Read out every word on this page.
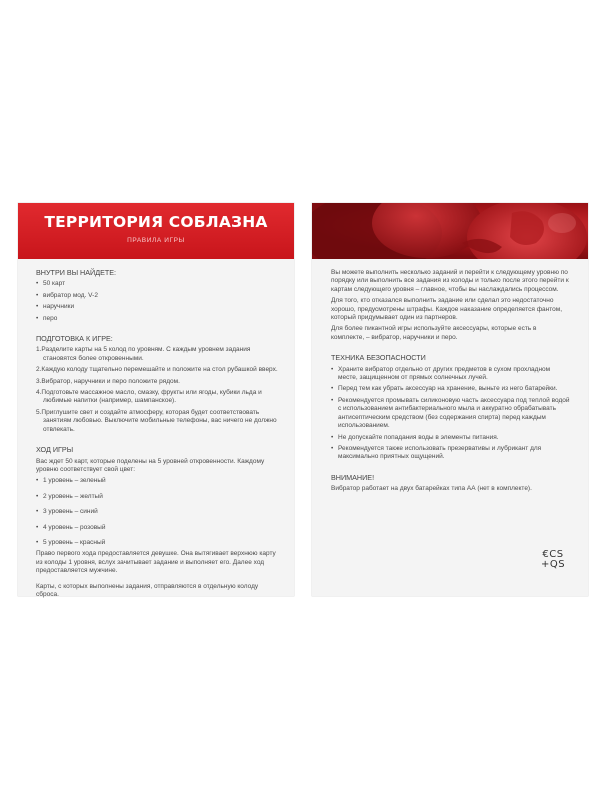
ТЕРРИТОРИЯ СОБЛАЗНА
ПРАВИЛА ИГРЫ
ВНУТРИ ВЫ НАЙДЕТЕ:
• 50 карт
• вибратор мод. V-2
• наручники
• перо
ПОДГОТОВКА К ИГРЕ:
1.Разделите карты на 5 колод по уровням. С каждым уровнем задания становятся более откровенными.
2.Каждую колоду тщательно перемешайте и положите на стол рубашкой вверх.
3.Вибратор, наручники и перо положите рядом.
4.Подготовьте массажное масло, смазку, фрукты или ягоды, кубики льда и любимые напитки (например, шампанское).
5.Приглушите свет и создайте атмосферу, которая будет соответствовать занятиям любовью. Выключите мобильные телефоны, вас ничего не должно отвлекать.
ХОД ИГРЫ

Вас ждет 50 карт, которые поделены на 5 уровней откровенности. Каждому уровню соответствует свой цвет:

• 1 уровень – зеленый
• 2 уровень – желтый
• 3 уровень – синий
• 4 уровень – розовый
• 5 уровень – красный

Право первого хода предоставляется девушке. Она вытягивает верхнюю карту из колоды 1 уровня, вслух зачитывает задание и выполняет его. Далее ход предоставляется мужчине.

Карты, с которых выполнены задания, отправляются в отдельную колоду сброса.

Вы можете выполнить несколько заданий и перейти к следующему уровню по порядку или выполнить все задания из колоды и только после этого перейти к картам следующего уровня – главное, чтобы вы наслаждались процессом.

Для того, кто отказался выполнить задание или сделал это недостаточно хорошо, предусмотрены штрафы. Каждое наказание определяется фантом, который придумывает один из партнеров.

Для более пикантной игры используйте аксессуары, которые есть в комплекте, – вибратор, наручники и перо.

ТЕХНИКА БЕЗОПАСНОСТИ
• Храните вибратор отдельно от других предметов в сухом прохладном месте, защищенном от прямых солнечных лучей.
• Перед тем как убрать аксессуар на хранение, выньте из него батарейки.
• Рекомендуется промывать силиконовую часть аксессуара под теплой водой с использованием антибактериального мыла и аккуратно обрабатывать антисептическим средством (без содержания спирта) перед каждым использованием.
• Не допускайте попадания воды в элементы питания.
• Рекомендуется также использовать презервативы и лубрикант для максимально приятных ощущений.
ВНИМАНИЕ!

Вибратор работает на двух батарейках типа АА (нет в комплекте).

€CS
+QS
